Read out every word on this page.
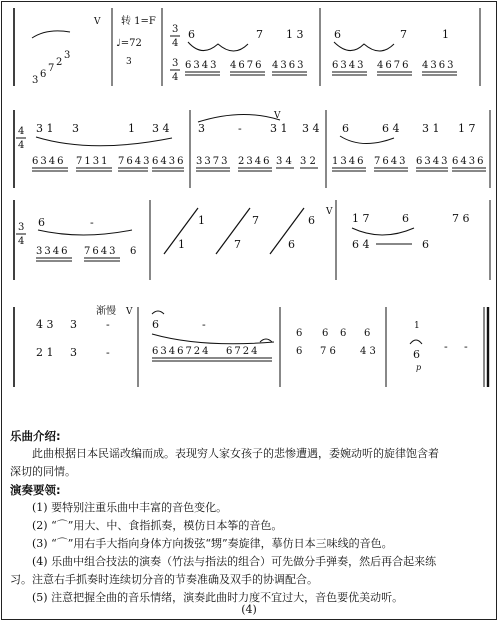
3
6
7
2
3
V 转 1=F
♩=72
3
3
4
3
4
6	7 1 3
6343 4676 4363
6	7	1
6343 4676 4363
4
4
3 1 3	1 3 4
6346 7131 7643 6436
V
3	-	3 1 3 4
3373 2346 3 4 3 2
6	6 4 3 1 1 7
1346 7643 6343 6436
3
4
6	-
3346 7643 6
1	7	6
V
1	7	6
1 7	6	7 6
6 4	6
渐慢 V
4 3 3	-
2 1 3	-
6	-
6346724 6724
6 6 6 6
6 7 6 4 3
1
6
p
- -

乐曲介绍:

此曲根据日本民谣改编而成。表现穷人家女孩子的悲惨遭遇，委婉动听的旋律饱含着

深切的同情。

演奏要领:

(1) 要特别注重乐曲中丰富的音色变化。

(2) “⌒”用大、中、食指抓奏，模仿日本筝的音色。

(3) “⌒”用右手大指向身体方向拨弦“甥”奏旋律，摹仿日本三味线的音色。

(4) 乐曲中组合技法的演奏（竹法与指法的组合）可先做分手弹奏，然后再合起来练

习。注意右手抓奏时连续切分音的节奏准确及双手的协调配合。

(5) 注意把握全曲的音乐情绪，演奏此曲时力度不宜过大，音色要优美动听。

(4)
